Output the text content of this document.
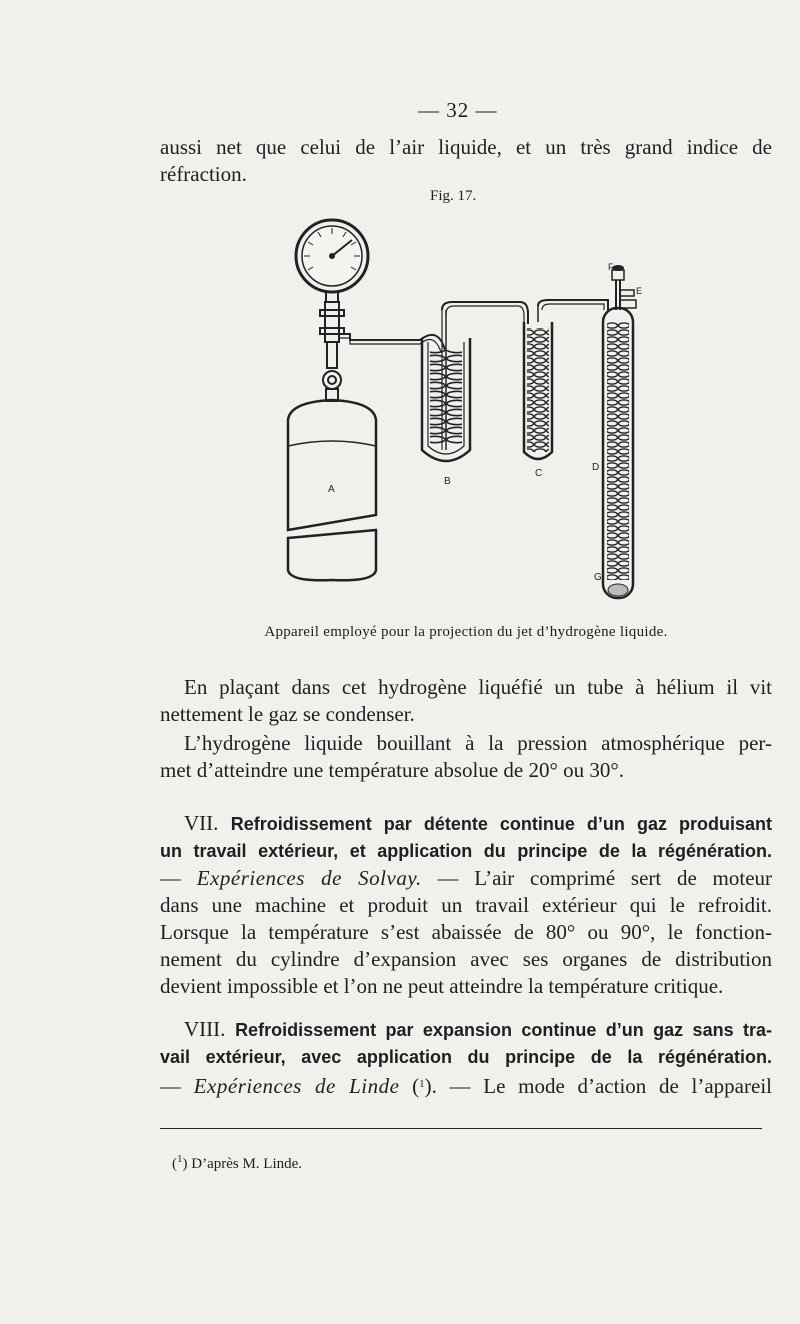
— 32 —
aussi net que celui de l’air liquide, et un très grand indice de
réfraction.
Fig. 17.
A
B
C
F
E
D
G
Appareil employé pour la projection du jet d’hydrogène liquide.
En plaçant dans cet hydrogène liquéfié un tube à hélium il vit
nettement le gaz se condenser.
L’hydrogène liquide bouillant à la pression atmosphérique per-
met d’atteindre une température absolue de 20° ou 30°.
VII. Refroidissement par détente continue d’un gaz produisant
un travail extérieur, et application du principe de la régénération.
— Expériences de Solvay. — L’air comprimé sert de moteur
dans une machine et produit un travail extérieur qui le refroidit.
Lorsque la température s’est abaissée de 80° ou 90°, le fonction-
nement du cylindre d’expansion avec ses organes de distribution
devient impossible et l’on ne peut atteindre la température critique.
VIII. Refroidissement par expansion continue d’un gaz sans tra-
vail extérieur, avec application du principe de la régénération.
— Expériences de Linde ($^1$). — Le mode d’action de l’appareil
($^1$) D’après M. Linde.
